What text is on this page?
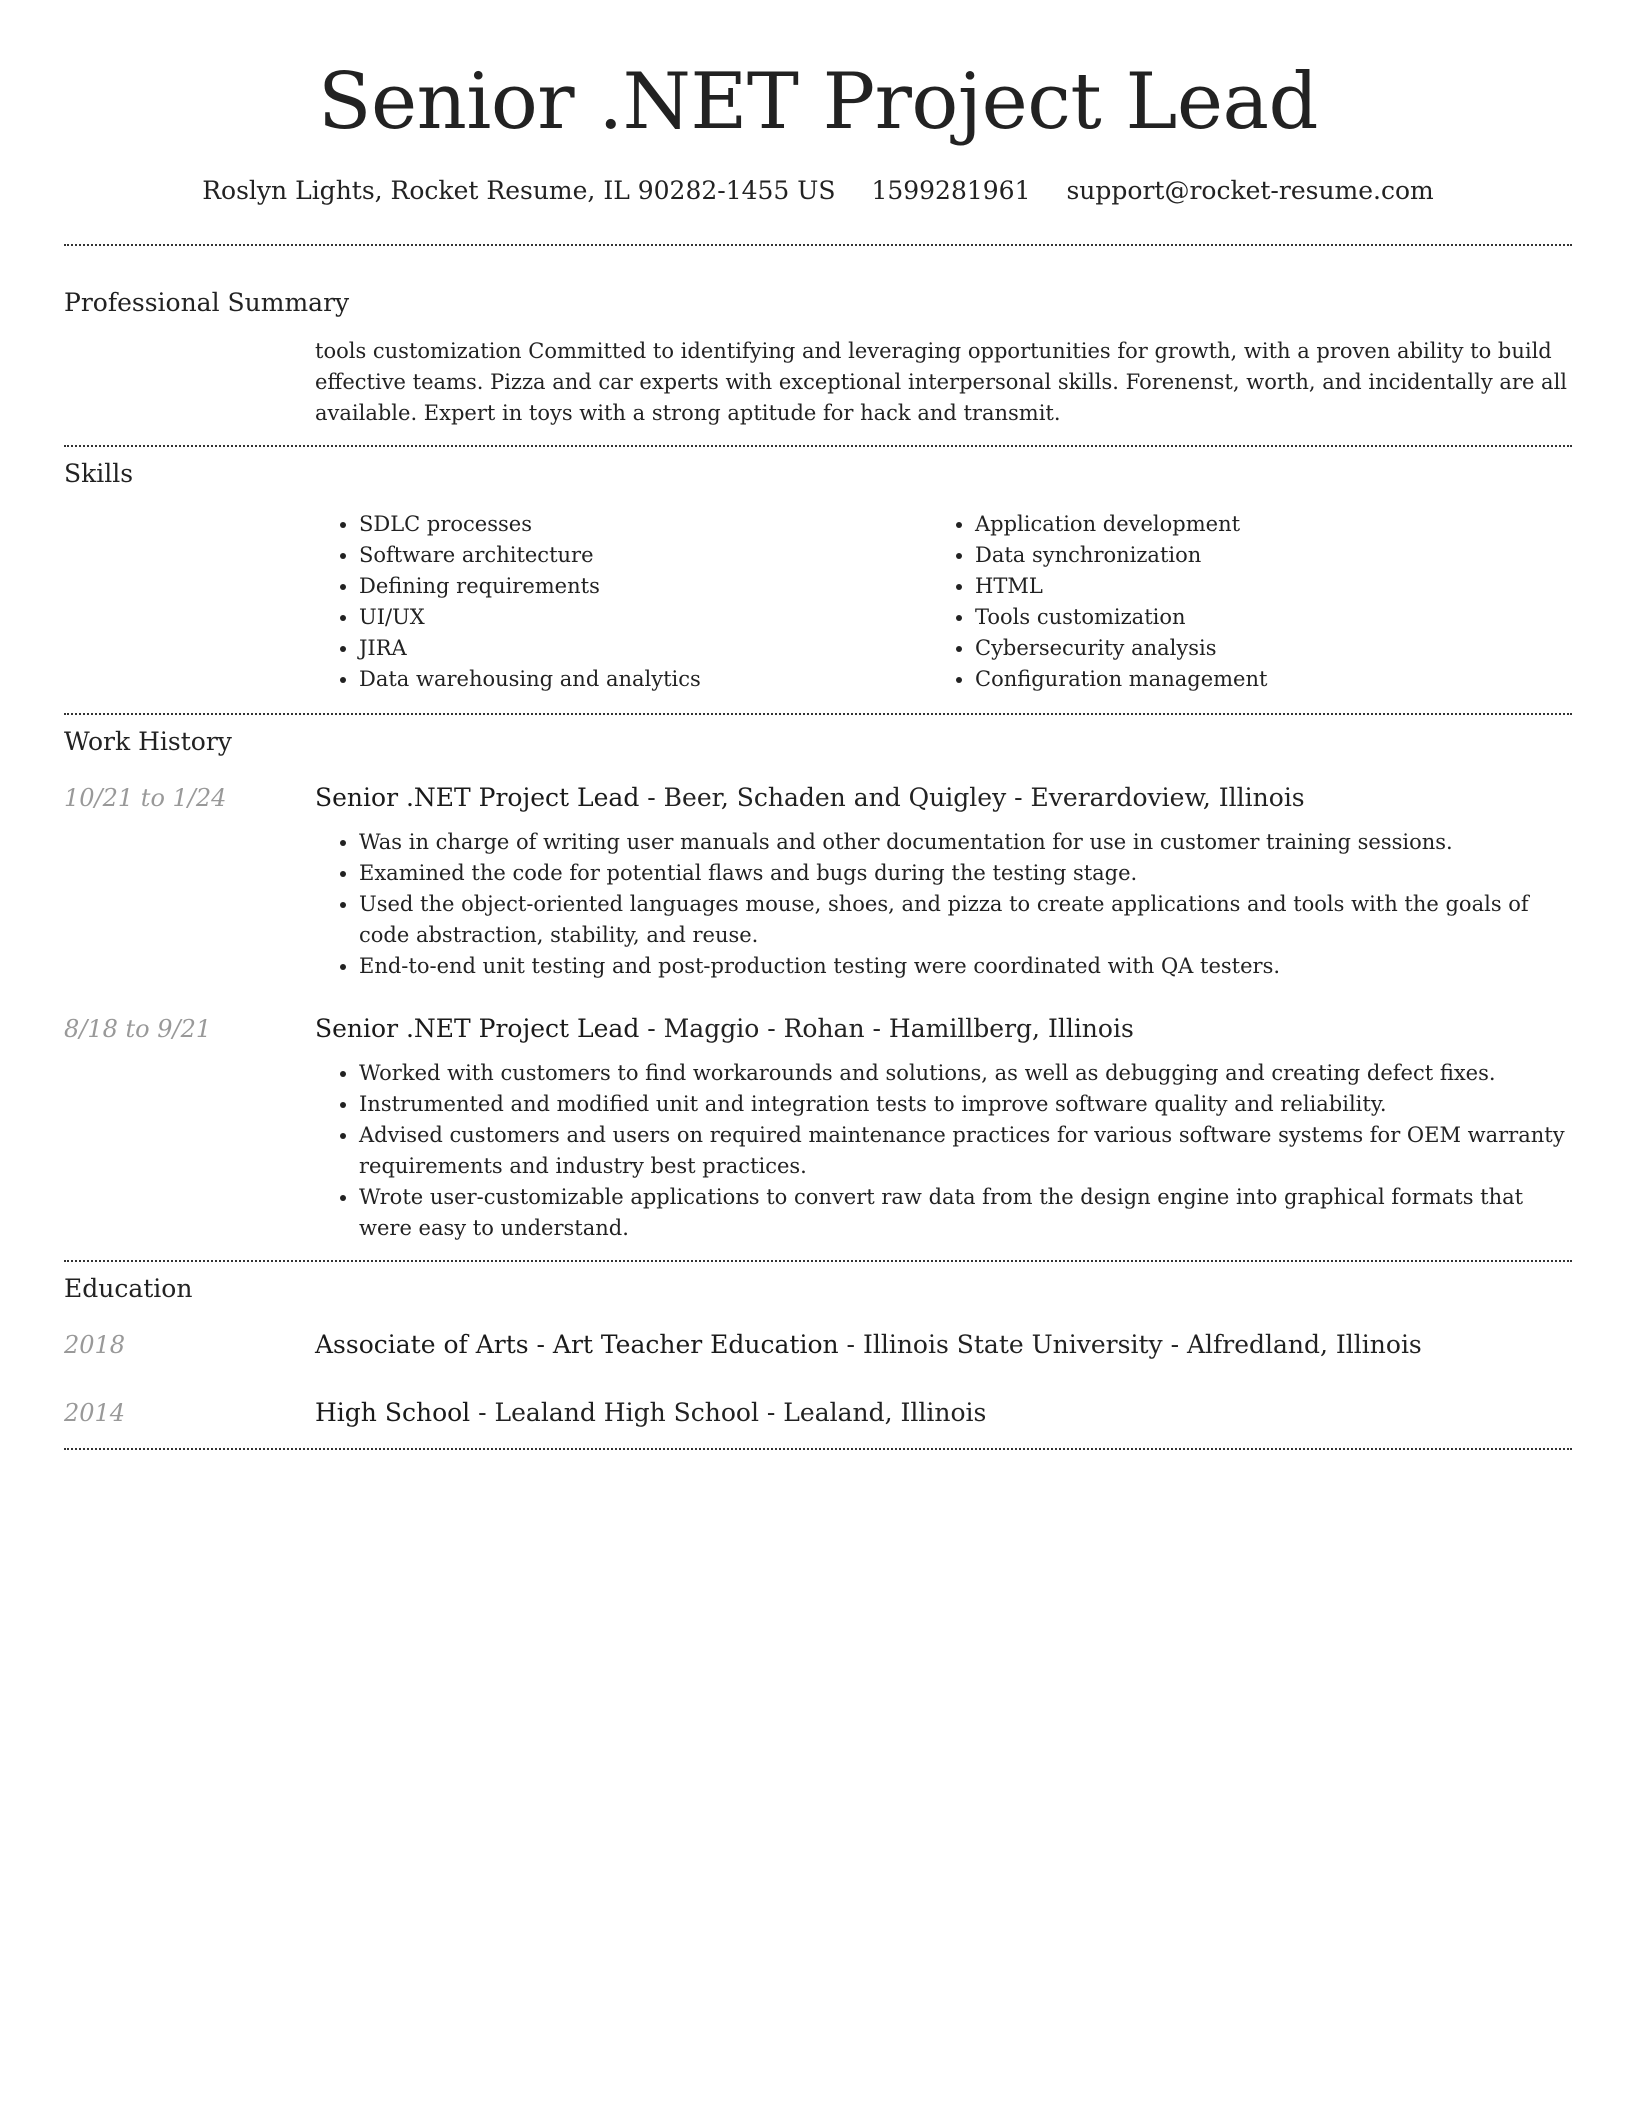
Senior .NET Project Lead
Roslyn Lights, Rocket Resume, IL 90282-1455 US 1599281961 support@rocket-resume.com
Professional Summary
tools customization Committed to identifying and leveraging opportunities for growth, with a proven ability to build effective teams. Pizza and car experts with exceptional interpersonal skills. Forenenst, worth, and incidentally are all available. Expert in toys with a strong aptitude for hack and transmit.
Skills
• SDLC processes
• Software architecture
• Defining requirements
• UI/UX
• JIRA
• Data warehousing and analytics
• Application development
• Data synchronization
• HTML
• Tools customization
• Cybersecurity analysis
• Configuration management
Work History
10/21 to 1/24	Senior .NET Project Lead - Beer, Schaden and Quigley - Everardoview, Illinois
• Was in charge of writing user manuals and other documentation for use in customer training sessions.
• Examined the code for potential flaws and bugs during the testing stage.
• Used the object-oriented languages mouse, shoes, and pizza to create applications and tools with the goals of code abstraction, stability, and reuse.
• End-to-end unit testing and post-production testing were coordinated with QA testers.
8/18 to 9/21	Senior .NET Project Lead - Maggio - Rohan - Hamillberg, Illinois
• Worked with customers to find workarounds and solutions, as well as debugging and creating defect fixes.
• Instrumented and modified unit and integration tests to improve software quality and reliability.
• Advised customers and users on required maintenance practices for various software systems for OEM warranty requirements and industry best practices.
• Wrote user-customizable applications to convert raw data from the design engine into graphical formats that were easy to understand.
Education
2018	Associate of Arts - Art Teacher Education - Illinois State University - Alfredland, Illinois
2014	High School - Lealand High School - Lealand, Illinois
